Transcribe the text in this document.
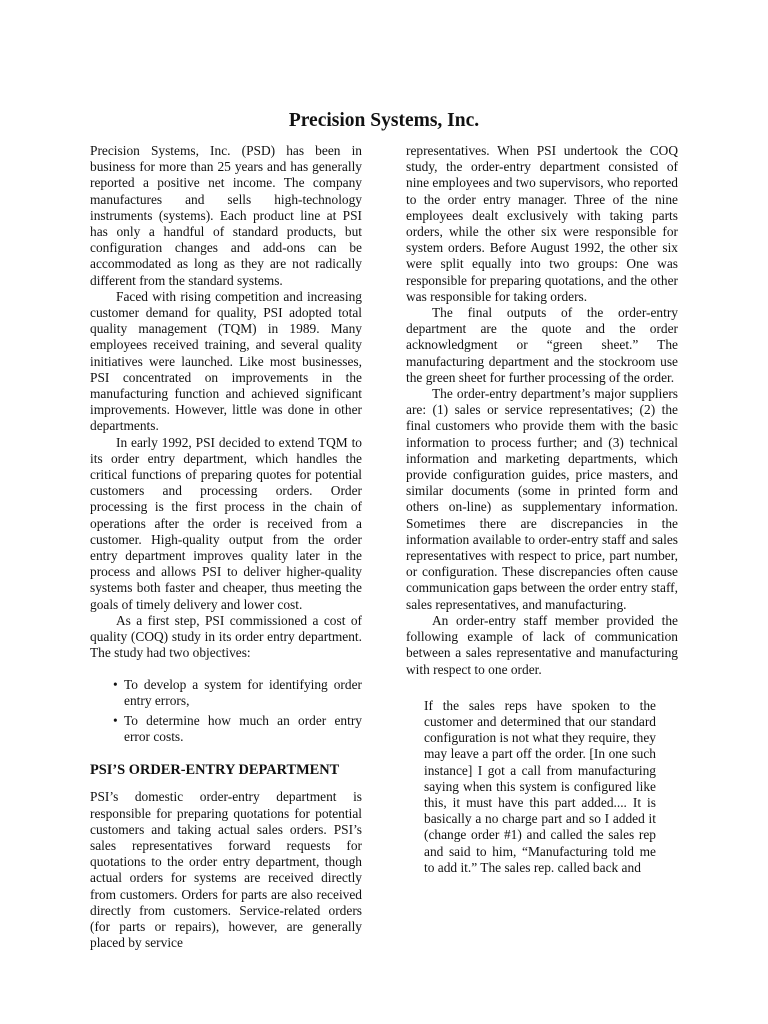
Precision Systems, Inc.

Precision Systems, Inc. (PSD) has been in business for more than 25 years and has generally reported a positive net income. The company manufactures and sells high-technology instruments (systems). Each product line at PSI has only a handful of standard products, but configuration changes and add-ons can be accommodated as long as they are not radically different from the standard systems.

Faced with rising competition and increasing customer demand for quality, PSI adopted total quality management (TQM) in 1989. Many employees received training, and several quality initiatives were launched. Like most businesses, PSI concentrated on improvements in the manufacturing function and achieved significant improvements. However, little was done in other departments.

In early 1992, PSI decided to extend TQM to its order entry department, which handles the critical functions of preparing quotes for potential customers and processing orders. Order processing is the first process in the chain of operations after the order is received from a customer. High-quality output from the order entry department improves quality later in the process and allows PSI to deliver higher-quality systems both faster and cheaper, thus meeting the goals of timely delivery and lower cost.

As a first step, PSI commissioned a cost of quality (COQ) study in its order entry department. The study had two objectives:

• To develop a system for identifying order entry errors,
• To determine how much an order entry error costs.
PSI’S ORDER-ENTRY DEPARTMENT

PSI’s domestic order-entry department is responsible for preparing quotations for potential customers and taking actual sales orders. PSI’s sales representatives forward requests for quotations to the order entry department, though actual orders for systems are received directly from customers. Orders for parts are also received directly from customers. Service-related orders (for parts or repairs), however, are generally placed by service

representatives. When PSI undertook the COQ study, the order-entry department consisted of nine employees and two supervisors, who reported to the order entry manager. Three of the nine employees dealt exclusively with taking parts orders, while the other six were responsible for system orders. Before August 1992, the other six were split equally into two groups: One was responsible for preparing quotations, and the other was responsible for taking orders.

The final outputs of the order-entry department are the quote and the order acknowledgment or “green sheet.” The manufacturing department and the stockroom use the green sheet for further processing of the order.

The order-entry department’s major suppliers are: (1) sales or service representatives; (2) the final customers who provide them with the basic information to process further; and (3) technical information and marketing departments, which provide configuration guides, price masters, and similar documents (some in printed form and others on-line) as supplementary information. Sometimes there are discrepancies in the information available to order-entry staff and sales representatives with respect to price, part number, or configuration. These discrepancies often cause communication gaps between the order entry staff, sales representatives, and manufacturing.

An order-entry staff member provided the following example of lack of communication between a sales representative and manufacturing with respect to one order.

If the sales reps have spoken to the customer and determined that our standard configuration is not what they require, they may leave a part off the order. [In one such instance] I got a call from manufacturing saying when this system is configured like this, it must have this part added.... It is basically a no charge part and so I added it (change order #1) and called the sales rep and said to him, “Manufacturing told me to add it.” The sales rep. called back and
